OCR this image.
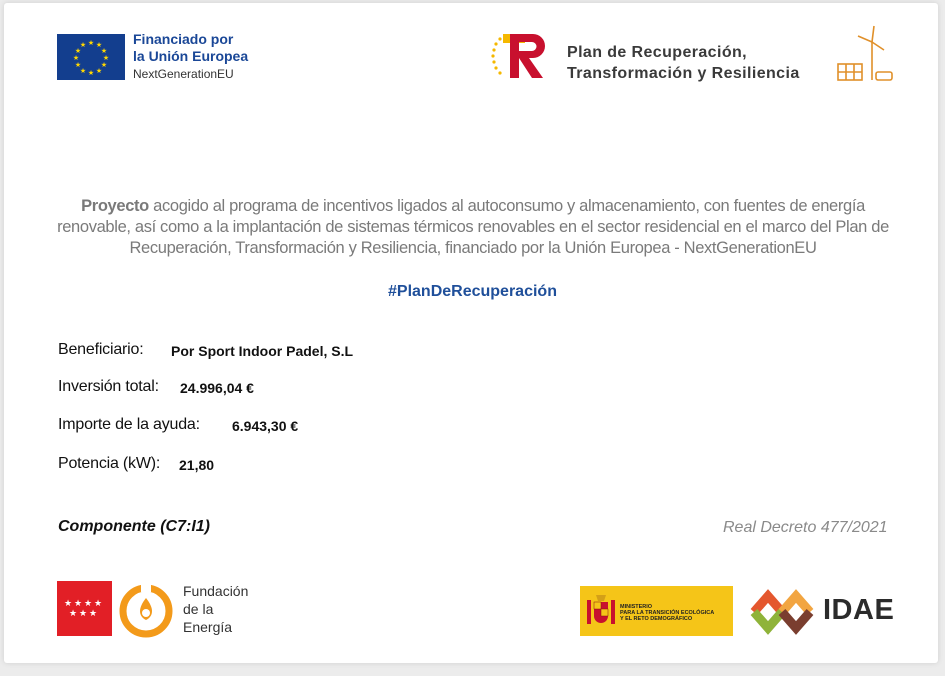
★ ★
★
★
★
★
★
★
★
★
★
★	Financiado por
la Unión Europea
NextGenerationEU
Plan de Recuperación,
Transformación y Resiliencia
Proyecto acogido al programa de incentivos ligados al autoconsumo y almacenamiento, con fuentes de energía renovable, así como a la implantación de sistemas térmicos renovables en el sector residencial en el marco del Plan de Recuperación, Transformación y Resiliencia, financiado por la Unión Europea - NextGenerationEU
#PlanDeRecuperación
Beneficiario: Por Sport Indoor Padel, S.L
Inversión total: 24.996,04 €
Importe de la ayuda: 6.943,30 €
Potencia (kW): 21,80
Componente (C7:I1)	Real Decreto 477/2021
★ ★ ★ ★
★ ★ ★
Fundación
de la
Energía
MINISTERIO
PARA LA TRANSICIÓN ECOLÓGICA
Y EL RETO DEMOGRÁFICO	IDAE
